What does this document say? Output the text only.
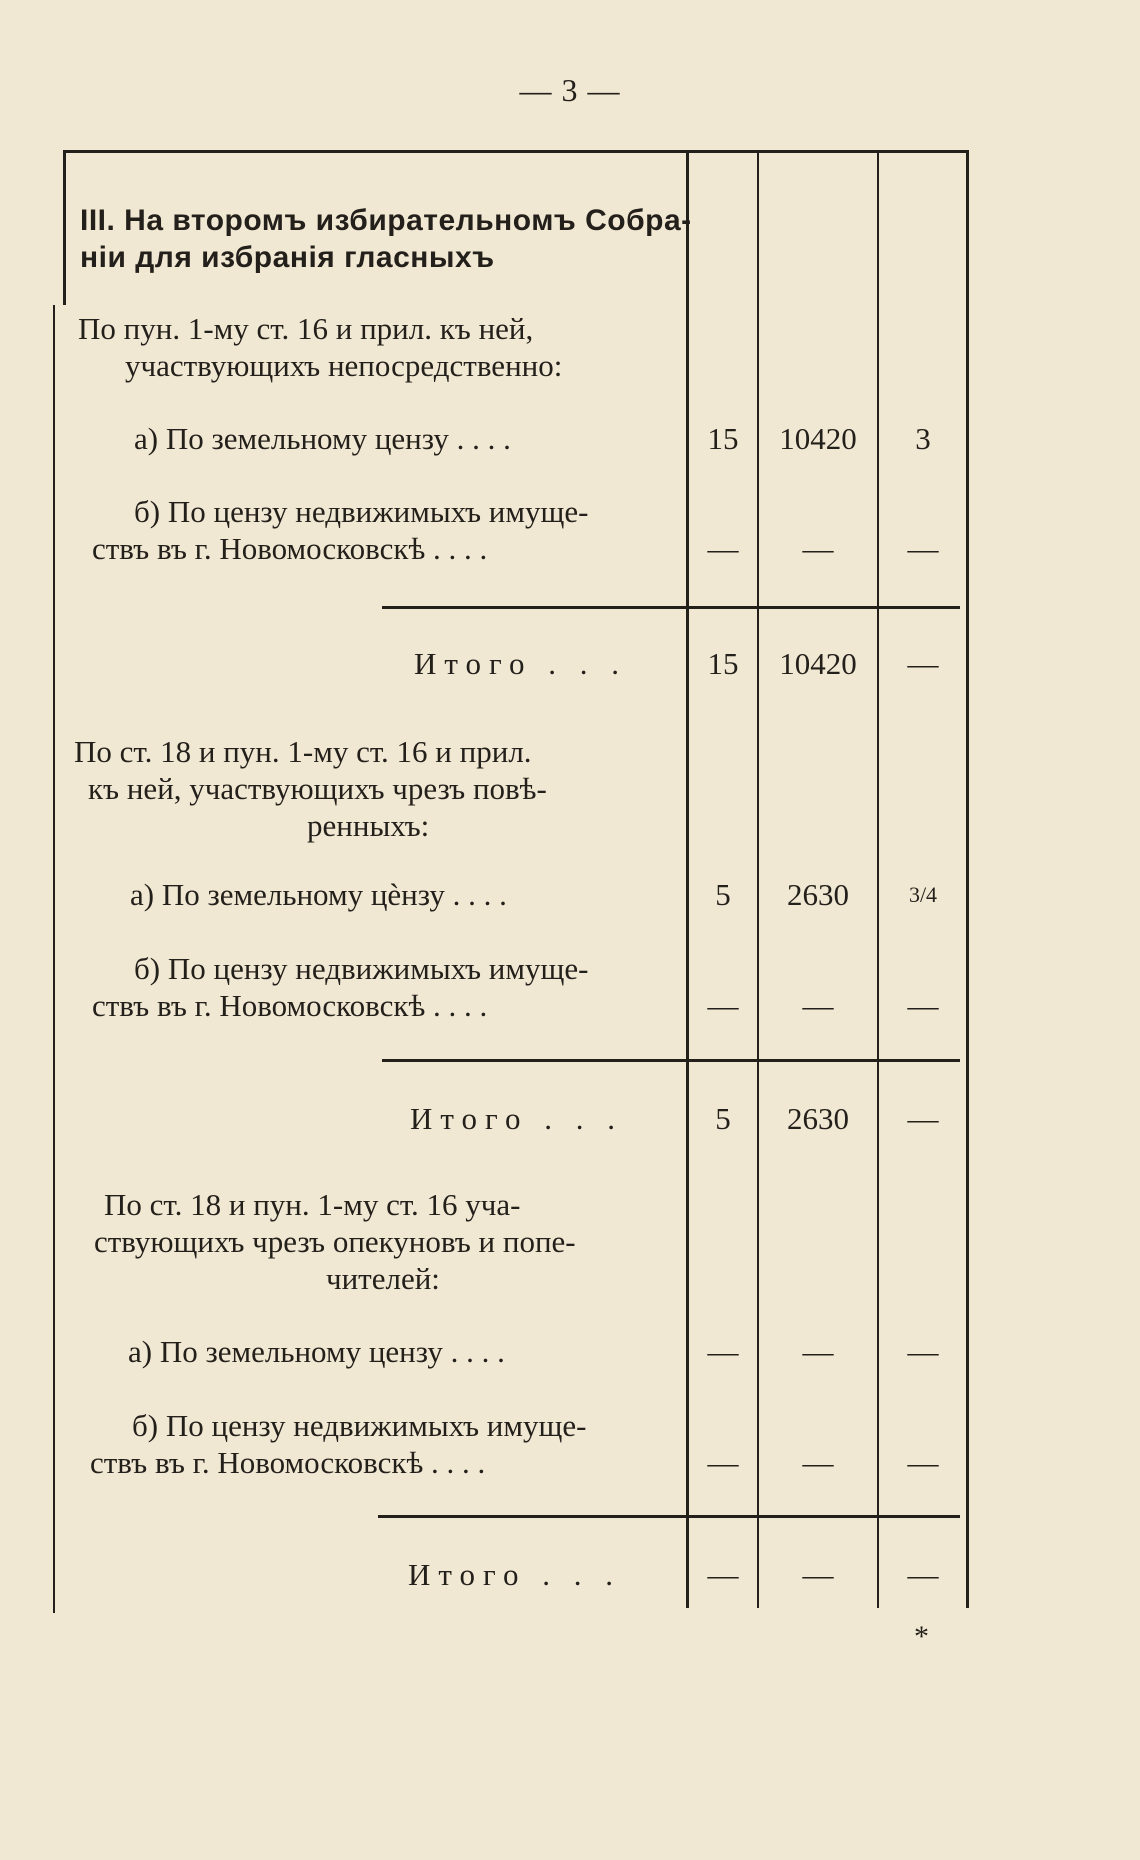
— 3 —
III. На второмъ избирательномъ Собра-
ніи для избранія гласныхъ
По пун. 1-му ст. 16 и прил. къ ней,
участвующихъ непосредственно:
а) По земельному цензу . . . .	15	10420	3
б) По цензу недвижимыхъ имуще-
ствъ въ г. Новомосковскѣ . . . .	—	—	—
Итого . . .	15	10420	—
По ст. 18 и пун. 1-му ст. 16 и прил.
къ ней, участвующихъ чрезъ повѣ-
ренныхъ:
а) По земельному цѐнзу . . . .	5	2630	3/4
б) По цензу недвижимыхъ имуще-
ствъ въ г. Новомосковскѣ . . . .	—	—	—
Итого . . .	5	2630	—
По ст. 18 и пун. 1-му ст. 16 уча-
ствующихъ чрезъ опекуновъ и попе-
чителей:
а) По земельному цензу . . . .	—	—	—
б) По цензу недвижимыхъ имуще-
ствъ въ г. Новомосковскѣ . . . .	—	—	—
Итого . . .	—	—	—
*
